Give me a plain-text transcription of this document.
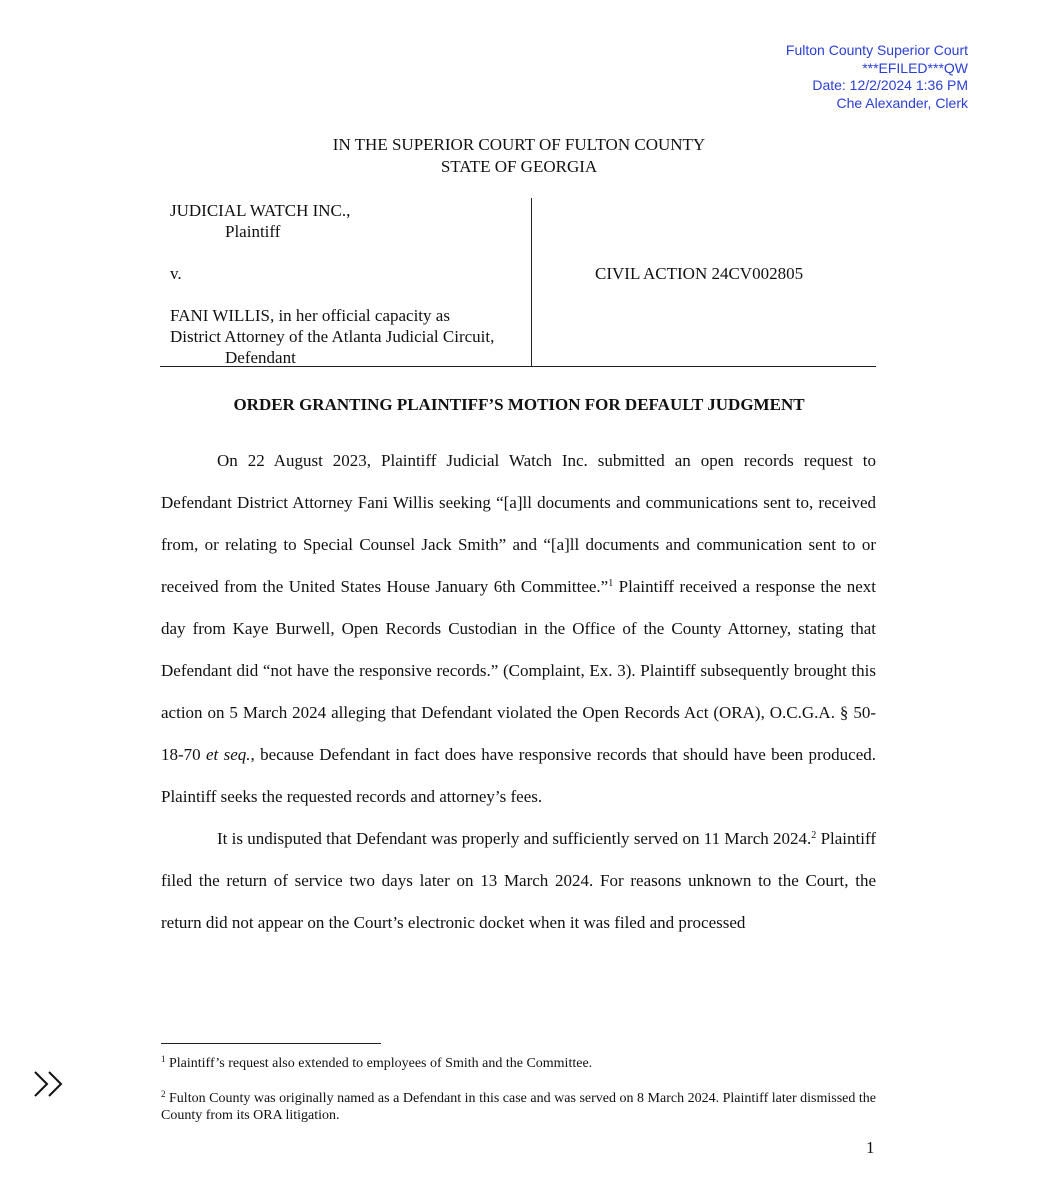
Fulton County Superior Court
***EFILED***QW
Date: 12/2/2024 1:36 PM
Che Alexander, Clerk
IN THE SUPERIOR COURT OF FULTON COUNTY
STATE OF GEORGIA
JUDICIAL WATCH INC.,
Plaintiff
v.	CIVIL ACTION 24CV002805
FANI WILLIS, in her official capacity as
District Attorney of the Atlanta Judicial Circuit,
Defendant
ORDER GRANTING PLAINTIFF’S MOTION FOR DEFAULT JUDGMENT

On 22 August 2023, Plaintiff Judicial Watch Inc. submitted an open records request to Defendant District Attorney Fani Willis seeking “[a]ll documents and communications sent to, received from, or relating to Special Counsel Jack Smith” and “[a]ll documents and communication sent to or received from the United States House January 6th Committee.”$^1$ Plaintiff received a response the next day from Kaye Burwell, Open Records Custodian in the Office of the County Attorney, stating that Defendant did “not have the responsive records.” (Complaint, Ex. 3). Plaintiff subsequently brought this action on 5 March 2024 alleging that Defendant violated the Open Records Act (ORA), O.C.G.A. § 50-18-70 et seq., because Defendant in fact does have responsive records that should have been produced. Plaintiff seeks the requested records and attorney’s fees.

It is undisputed that Defendant was properly and sufficiently served on 11 March 2024.$^2$ Plaintiff filed the return of service two days later on 13 March 2024. For reasons unknown to the Court, the return did not appear on the Court’s electronic docket when it was filed and processed

$^1$ Plaintiff’s request also extended to employees of Smith and the Committee.
$^2$ Fulton County was originally named as a Defendant in this case and was served on 8 March 2024. Plaintiff later dismissed the County from its ORA litigation.
1
